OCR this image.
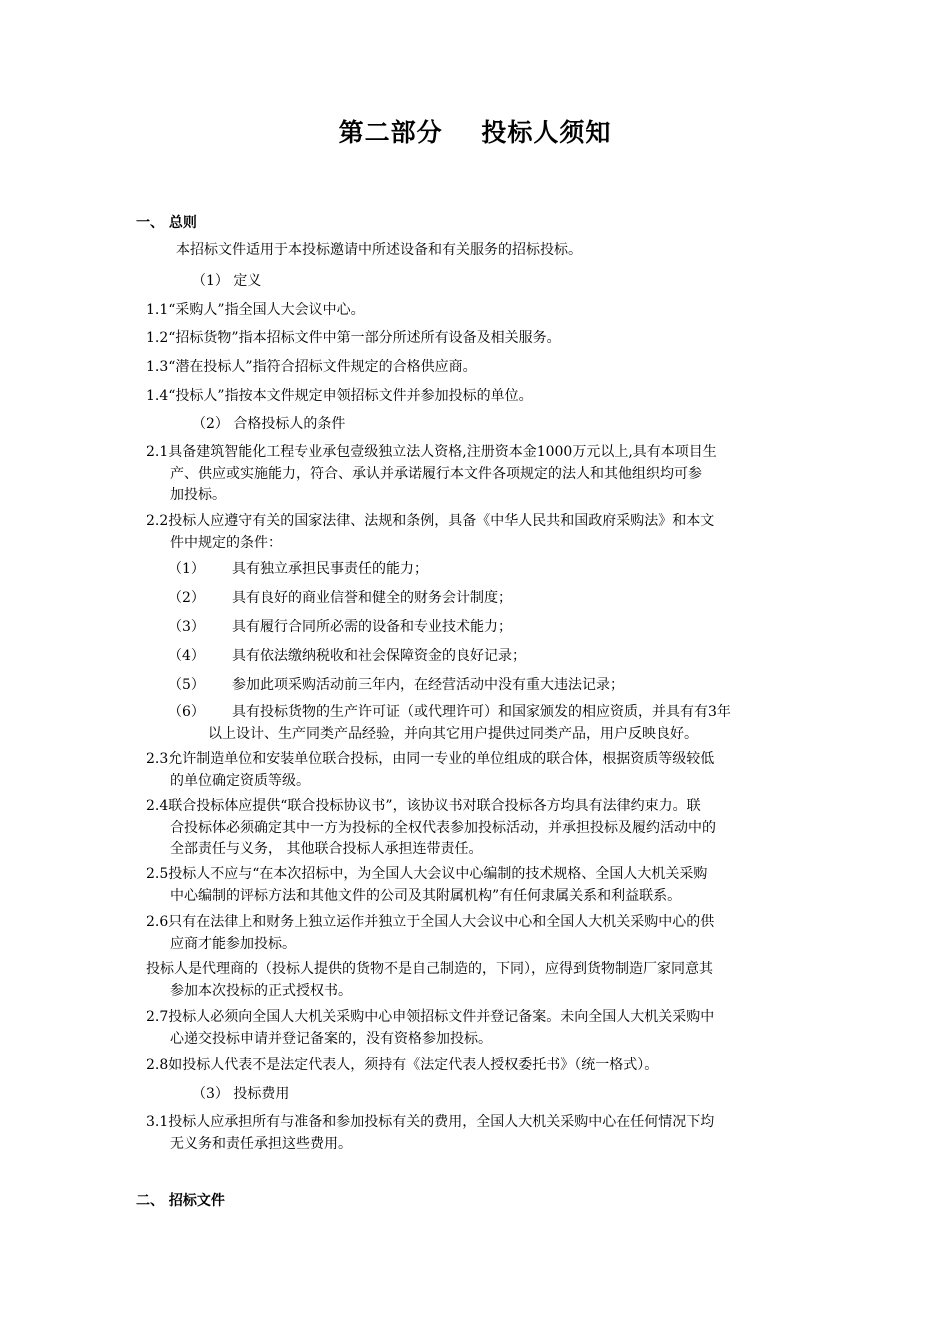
第二部分    投标人须知
一、 总则
本招标文件适用于本投标邀请中所述设备和有关服务的招标投标。
（1） 定义
1.1“采购人”指全国人大会议中心。
1.2“招标货物”指本招标文件中第一部分所述所有设备及相关服务。
1.3“潜在投标人”指符合招标文件规定的合格供应商。
1.4“投标人”指按本文件规定申领招标文件并参加投标的单位。
（2） 合格投标人的条件
2.1具备建筑智能化工程专业承包壹级独立法人资格,注册资本金1000万元以上,具有本项目生
产、供应或实施能力，符合、承认并承诺履行本文件各项规定的法人和其他组织均可参
加投标。
2.2投标人应遵守有关的国家法律、法规和条例，具备《中华人民共和国政府采购法》和本文
件中规定的条件：
（1） 具有独立承担民事责任的能力；
（2） 具有良好的商业信誉和健全的财务会计制度；
（3） 具有履行合同所必需的设备和专业技术能力；
（4） 具有依法缴纳税收和社会保障资金的良好记录；
（5） 参加此项采购活动前三年内，在经营活动中没有重大违法记录；
（6） 具有投标货物的生产许可证（或代理许可）和国家颁发的相应资质，并具有有3年
以上设计、生产同类产品经验，并向其它用户提供过同类产品，用户反映良好。
2.3允许制造单位和安装单位联合投标，由同一专业的单位组成的联合体，根据资质等级较低
的单位确定资质等级。
2.4联合投标体应提供“联合投标协议书”，该协议书对联合投标各方均具有法律约束力。联
合投标体必须确定其中一方为投标的全权代表参加投标活动，并承担投标及履约活动中的
全部责任与义务， 其他联合投标人承担连带责任。
2.5投标人不应与“在本次招标中，为全国人大会议中心编制的技术规格、全国人大机关采购
中心编制的评标方法和其他文件的公司及其附属机构”有任何隶属关系和利益联系。
2.6只有在法律上和财务上独立运作并独立于全国人大会议中心和全国人大机关采购中心的供
应商才能参加投标。
投标人是代理商的（投标人提供的货物不是自己制造的，下同），应得到货物制造厂家同意其
参加本次投标的正式授权书。
2.7投标人必须向全国人大机关采购中心申领招标文件并登记备案。未向全国人大机关采购中
心递交投标申请并登记备案的，没有资格参加投标。
2.8如投标人代表不是法定代表人，须持有《法定代表人授权委托书》（统一格式）。
（3） 投标费用
3.1投标人应承担所有与准备和参加投标有关的费用，全国人大机关采购中心在任何情况下均
无义务和责任承担这些费用。
二、 招标文件
